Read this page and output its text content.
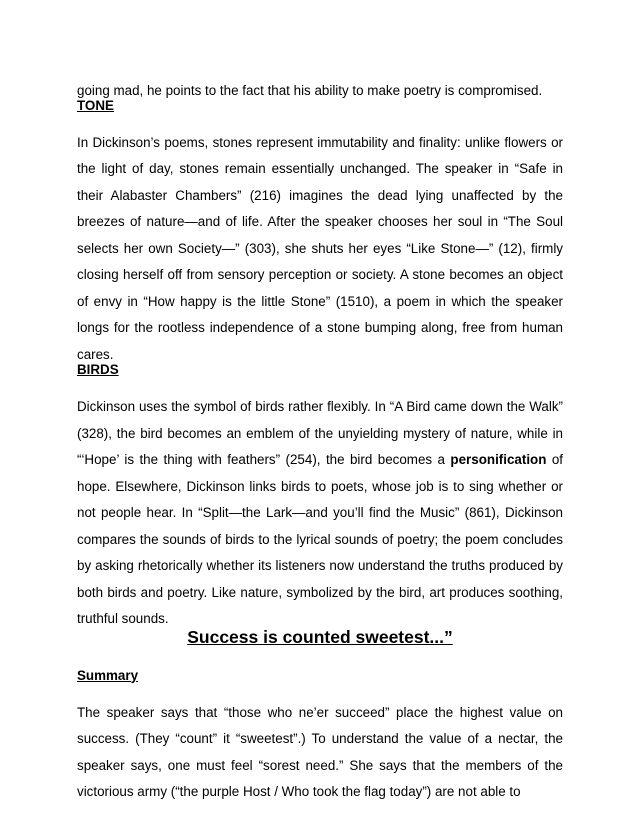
going mad, he points to the fact that his ability to make poetry is compromised.

TONE

In Dickinson’s poems, stones represent immutability and finality: unlike flowers or the light of day, stones remain essentially unchanged. The speaker in “Safe in their Alabaster Chambers” (216) imagines the dead lying unaffected by the breezes of nature—and of life. After the speaker chooses her soul in “The Soul selects her own Society—” (303), she shuts her eyes “Like Stone—” (12), firmly closing herself off from sensory perception or society. A stone becomes an object of envy in “How happy is the little Stone” (1510), a poem in which the speaker longs for the rootless independence of a stone bumping along, free from human cares.

BIRDS

Dickinson uses the symbol of birds rather flexibly. In “A Bird came down the Walk” (328), the bird becomes an emblem of the unyielding mystery of nature, while in “‘Hope’ is the thing with feathers” (254), the bird becomes a personification of hope. Elsewhere, Dickinson links birds to poets, whose job is to sing whether or not people hear. In “Split—the Lark—and you’ll find the Music” (861), Dickinson compares the sounds of birds to the lyrical sounds of poetry; the poem concludes by asking rhetorically whether its listeners now understand the truths produced by both birds and poetry. Like nature, symbolized by the bird, art produces soothing, truthful sounds.

Success is counted sweetest...”
Summary

The speaker says that “those who ne’er succeed” place the highest value on success. (They “count” it “sweetest”.) To understand the value of a nectar, the speaker says, one must feel “sorest need.” She says that the members of the victorious army (“the purple Host / Who took the flag today”) are not able to
